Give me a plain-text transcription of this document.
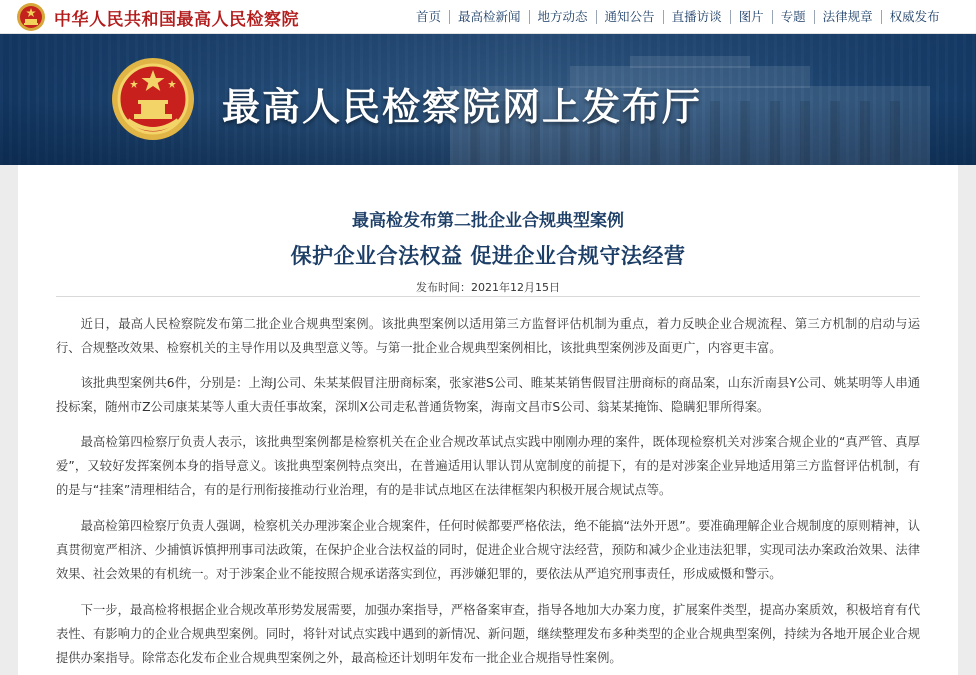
中华人民共和国最高人民检察院	首页	最高检新闻	地方动态	通知公告	直播访谈	图片	专题	法律规章	权威发布
最高人民检察院网上发布厅
最高检发布第二批企业合规典型案例
保护企业合法权益 促进企业合规守法经营
发布时间：2021年12月15日

近日，最高人民检察院发布第二批企业合规典型案例。该批典型案例以适用第三方监督评估机制为重点，着力反映企业合规流程、第三方机制的启动与运行、合规整改效果、检察机关的主导作用以及典型意义等。与第一批企业合规典型案例相比，该批典型案例涉及面更广，内容更丰富。

该批典型案例共6件，分别是：上海J公司、朱某某假冒注册商标案，张家港S公司、睢某某销售假冒注册商标的商品案，山东沂南县Y公司、姚某明等人串通投标案，随州市Z公司康某某等人重大责任事故案，深圳X公司走私普通货物案，海南文昌市S公司、翁某某掩饰、隐瞒犯罪所得案。

最高检第四检察厅负责人表示，该批典型案例都是检察机关在企业合规改革试点实践中刚刚办理的案件，既体现检察机关对涉案合规企业的“真严管、真厚爱”，又较好发挥案例本身的指导意义。该批典型案例特点突出，在普遍适用认罪认罚从宽制度的前提下，有的是对涉案企业异地适用第三方监督评估机制，有的是与“挂案”清理相结合，有的是行刑衔接推动行业治理，有的是非试点地区在法律框架内积极开展合规试点等。

最高检第四检察厅负责人强调，检察机关办理涉案企业合规案件，任何时候都要严格依法，绝不能搞“法外开恩”。要准确理解企业合规制度的原则精神，认真贯彻宽严相济、少捕慎诉慎押刑事司法政策，在保护企业合法权益的同时，促进企业合规守法经营，预防和减少企业违法犯罪，实现司法办案政治效果、法律效果、社会效果的有机统一。对于涉案企业不能按照合规承诺落实到位，再涉嫌犯罪的，要依法从严追究刑事责任，形成威慑和警示。

下一步，最高检将根据企业合规改革形势发展需要，加强办案指导，严格备案审查，指导各地加大办案力度，扩展案件类型，提高办案质效，积极培育有代表性、有影响力的企业合规典型案例。同时，将针对试点实践中遇到的新情况、新问题，继续整理发布多种类型的企业合规典型案例，持续为各地开展企业合规提供办案指导。除常态化发布企业合规典型案例之外，最高检还计划明年发布一批企业合规指导性案例。
